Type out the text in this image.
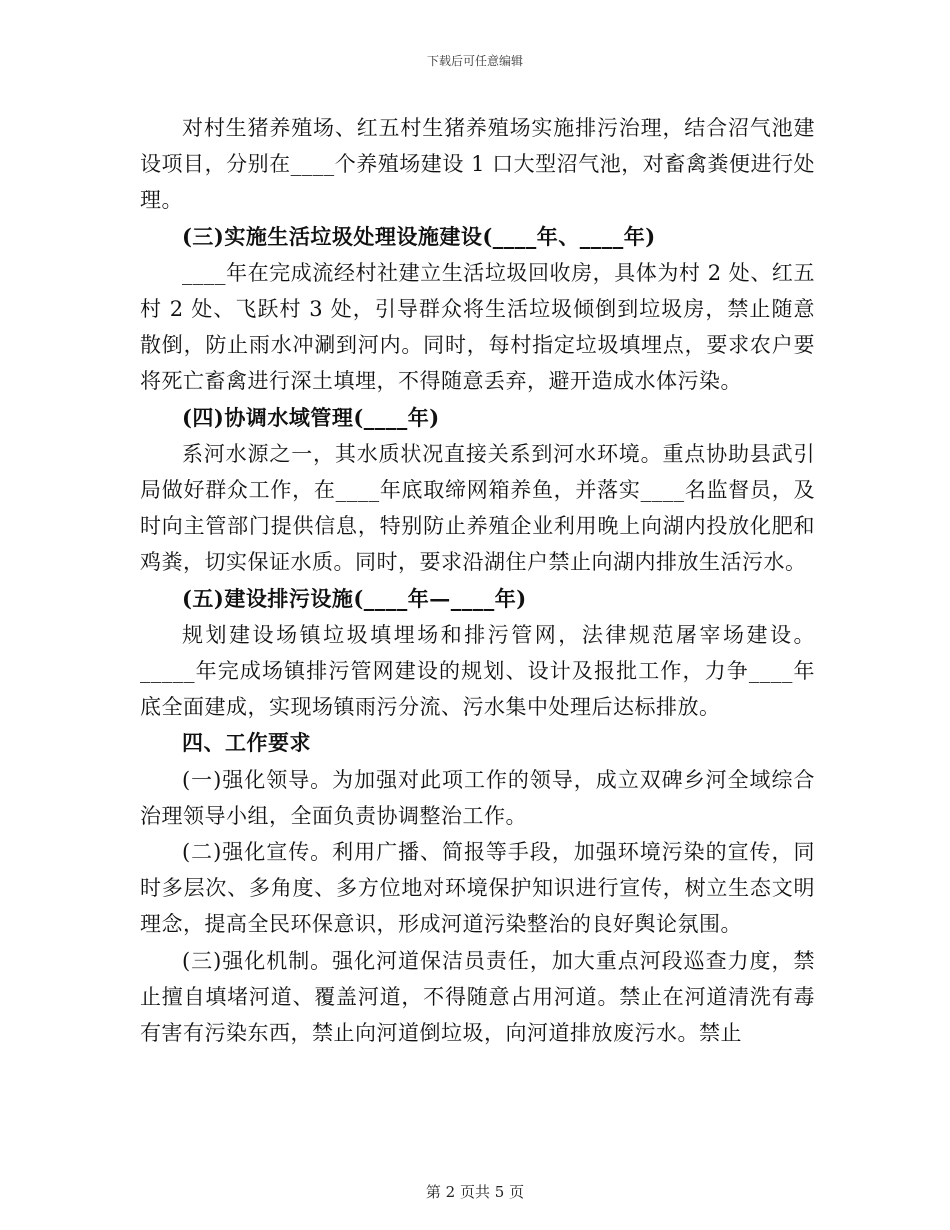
下载后可任意编辑

对村生猪养殖场、红五村生猪养殖场实施排污治理，结合沼气池建设项目，分别在____个养殖场建设 1 口大型沼气池，对畜禽粪便进行处理。

(三)实施生活垃圾处理设施建设(____年、____年)

____年在完成流经村社建立生活垃圾回收房，具体为村 2 处、红五村 2 处、飞跃村 3 处，引导群众将生活垃圾倾倒到垃圾房，禁止随意散倒，防止雨水冲涮到河内。同时，每村指定垃圾填埋点，要求农户要将死亡畜禽进行深土填埋，不得随意丢弃，避开造成水体污染。

(四)协调水域管理(____年)

系河水源之一，其水质状况直接关系到河水环境。重点协助县武引局做好群众工作，在____年底取缔网箱养鱼，并落实____名监督员，及时向主管部门提供信息，特别防止养殖企业利用晚上向湖内投放化肥和鸡粪，切实保证水质。同时，要求沿湖住户禁止向湖内排放生活污水。

(五)建设排污设施(____年—____年)

规划建设场镇垃圾填埋场和排污管网，法律规范屠宰场建设。_____年完成场镇排污管网建设的规划、设计及报批工作，力争____年底全面建成，实现场镇雨污分流、污水集中处理后达标排放。

四、工作要求

(一)强化领导。为加强对此项工作的领导，成立双碑乡河全域综合治理领导小组，全面负责协调整治工作。

(二)强化宣传。利用广播、简报等手段，加强环境污染的宣传，同时多层次、多角度、多方位地对环境保护知识进行宣传，树立生态文明理念，提高全民环保意识，形成河道污染整治的良好舆论氛围。

(三)强化机制。强化河道保洁员责任，加大重点河段巡查力度，禁止擅自填堵河道、覆盖河道，不得随意占用河道。禁止在河道清洗有毒有害有污染东西，禁止向河道倒垃圾，向河道排放废污水。禁止

第 2 页共 5 页
